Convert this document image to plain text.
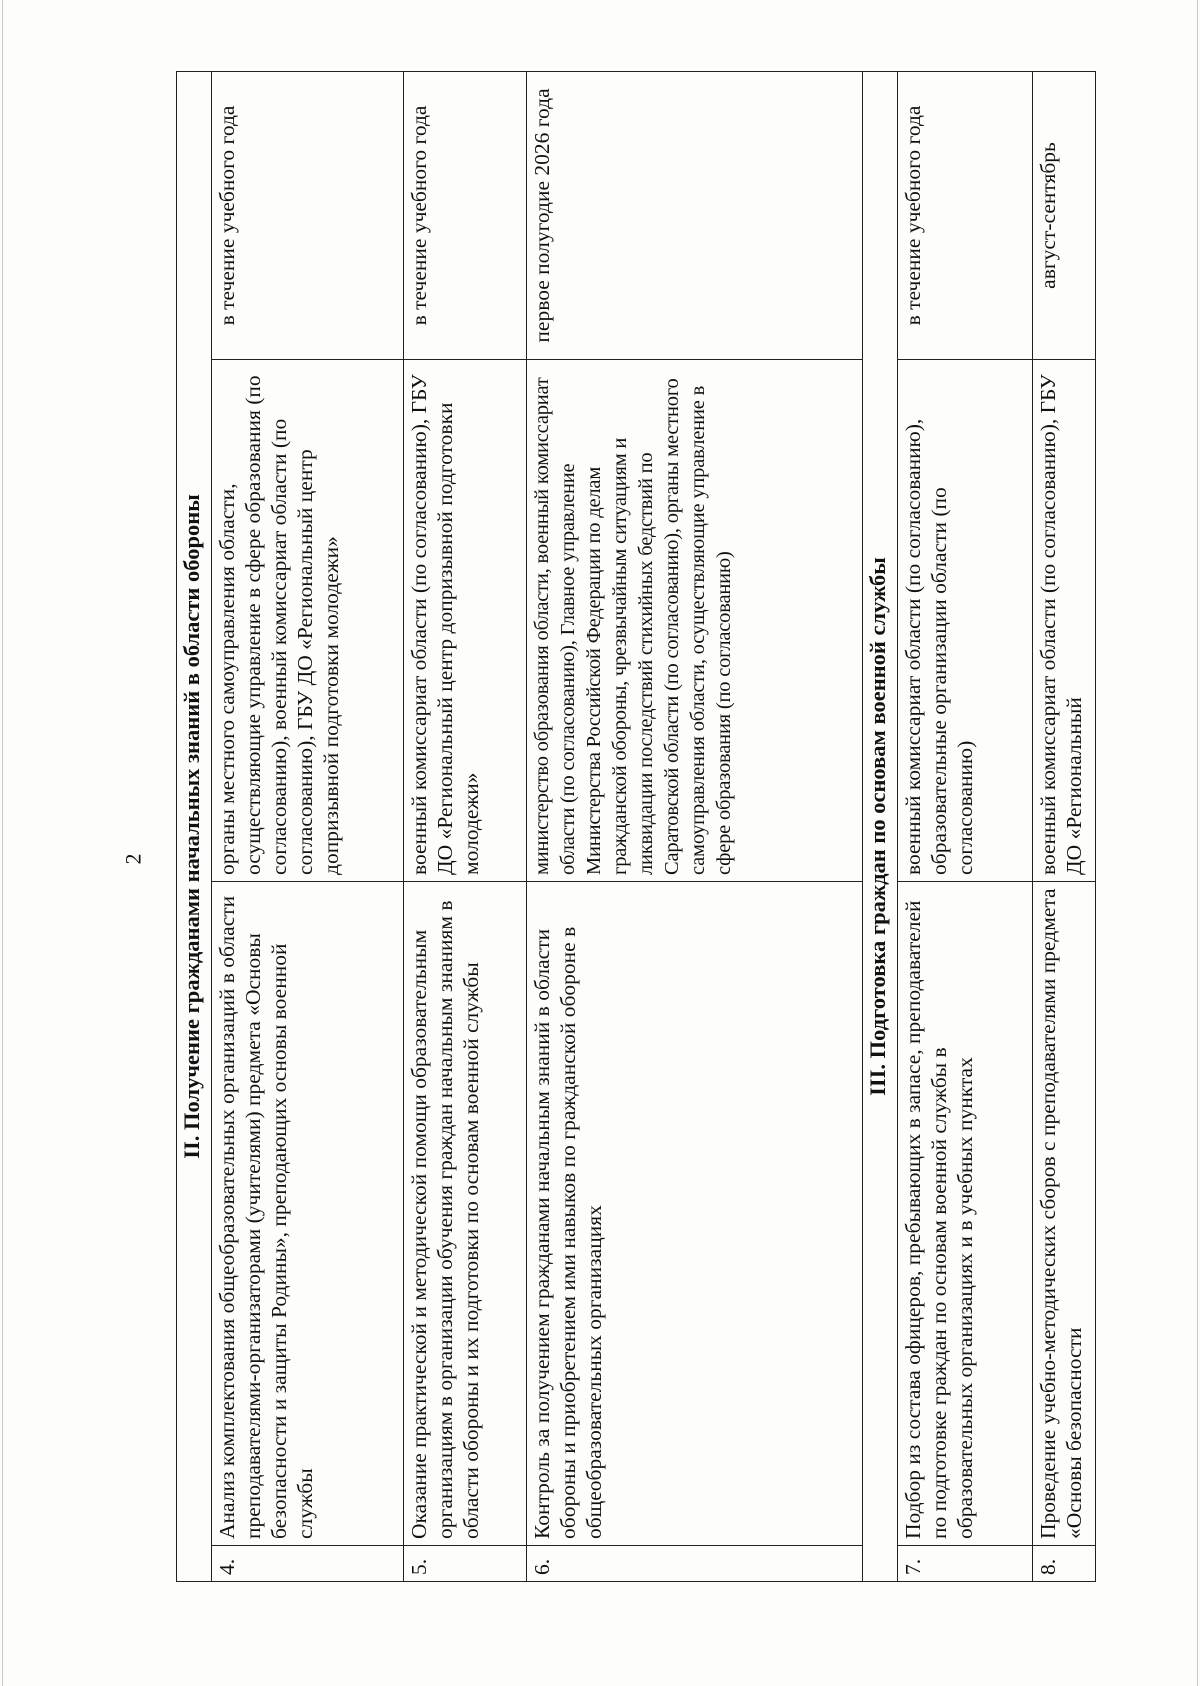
2 II. Получение гражданами начальных знаний в области обороны			
4.	Анализ комплектования общеобразовательных организаций в области преподавателями-организаторами (учителями) предмета «Основы безопасности и защиты Родины», преподающих основы военной службы	органы местного самоуправления области, осуществляющие управление в сфере образования (по согласованию), военный комиссариат области (по согласованию), ГБУ ДО «Региональный центр допризывной подготовки молодежи»	в течение учебного года
5.	Оказание практической и методической помощи образовательным организациям в организации обучения граждан начальным знаниям в области обороны и их подготовки по основам военной службы	военный комиссариат области (по согласованию), ГБУ ДО «Региональный центр допризывной подготовки молодежи»	в течение учебного года
6.	Контроль за получением гражданами начальным знаний в области обороны и приобретением ими навыков по гражданской обороне в общеобразовательных организациях	министерство образования области, военный комиссариат области (по согласованию), Главное управление Министерства Российской Федерации по делам гражданской обороны, чрезвычайным ситуациям и ликвидации последствий стихийных бедствий по Саратовской области (по согласованию), органы местного самоуправления области, осуществляющие управление в сфере образования (по согласованию)	первое полугодие 2026 года
III. Подготовка граждан по основам военной службы			
7.	Подбор из состава офицеров, пребывающих в запасе, преподавателей по подготовке граждан по основам военной службы в образовательных организациях и в учебных пунктах	военный комиссариат области (по согласованию), образовательные организации области (по согласованию)	в течение учебного года
8.	Проведение учебно-методических сборов с преподавателями предмета «Основы безопасности	военный комиссариат области (по согласованию), ГБУ ДО «Региональный	август-сентябрь
